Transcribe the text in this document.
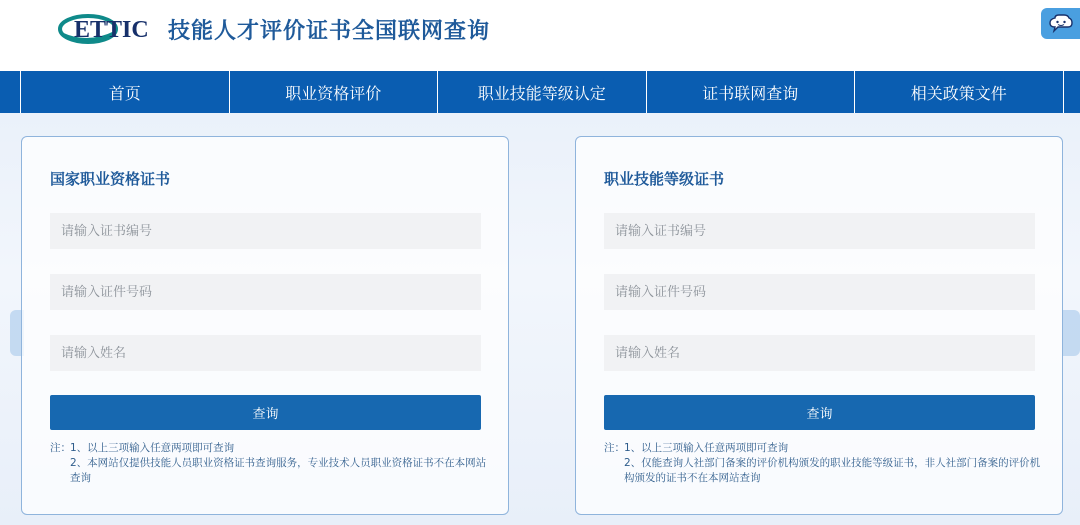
ETTIC 技能人才评价证书全国联网查询
首页	职业资格评价	职业技能等级认定	证书联网查询	相关政策文件
国家职业资格证书
请输入证书编号
请输入证件号码
请输入姓名
查询
注： 1、以上三项输入任意两项即可查询
2、本网站仅提供技能人员职业资格证书查询服务，专业技术人员职业资格证书不在本网站查询
职业技能等级证书
请输入证书编号
请输入证件号码
请输入姓名
查询
注： 1、以上三项输入任意两项即可查询
2、仅能查询人社部门备案的评价机构颁发的职业技能等级证书，非人社部门备案的评价机构颁发的证书不在本网站查询
